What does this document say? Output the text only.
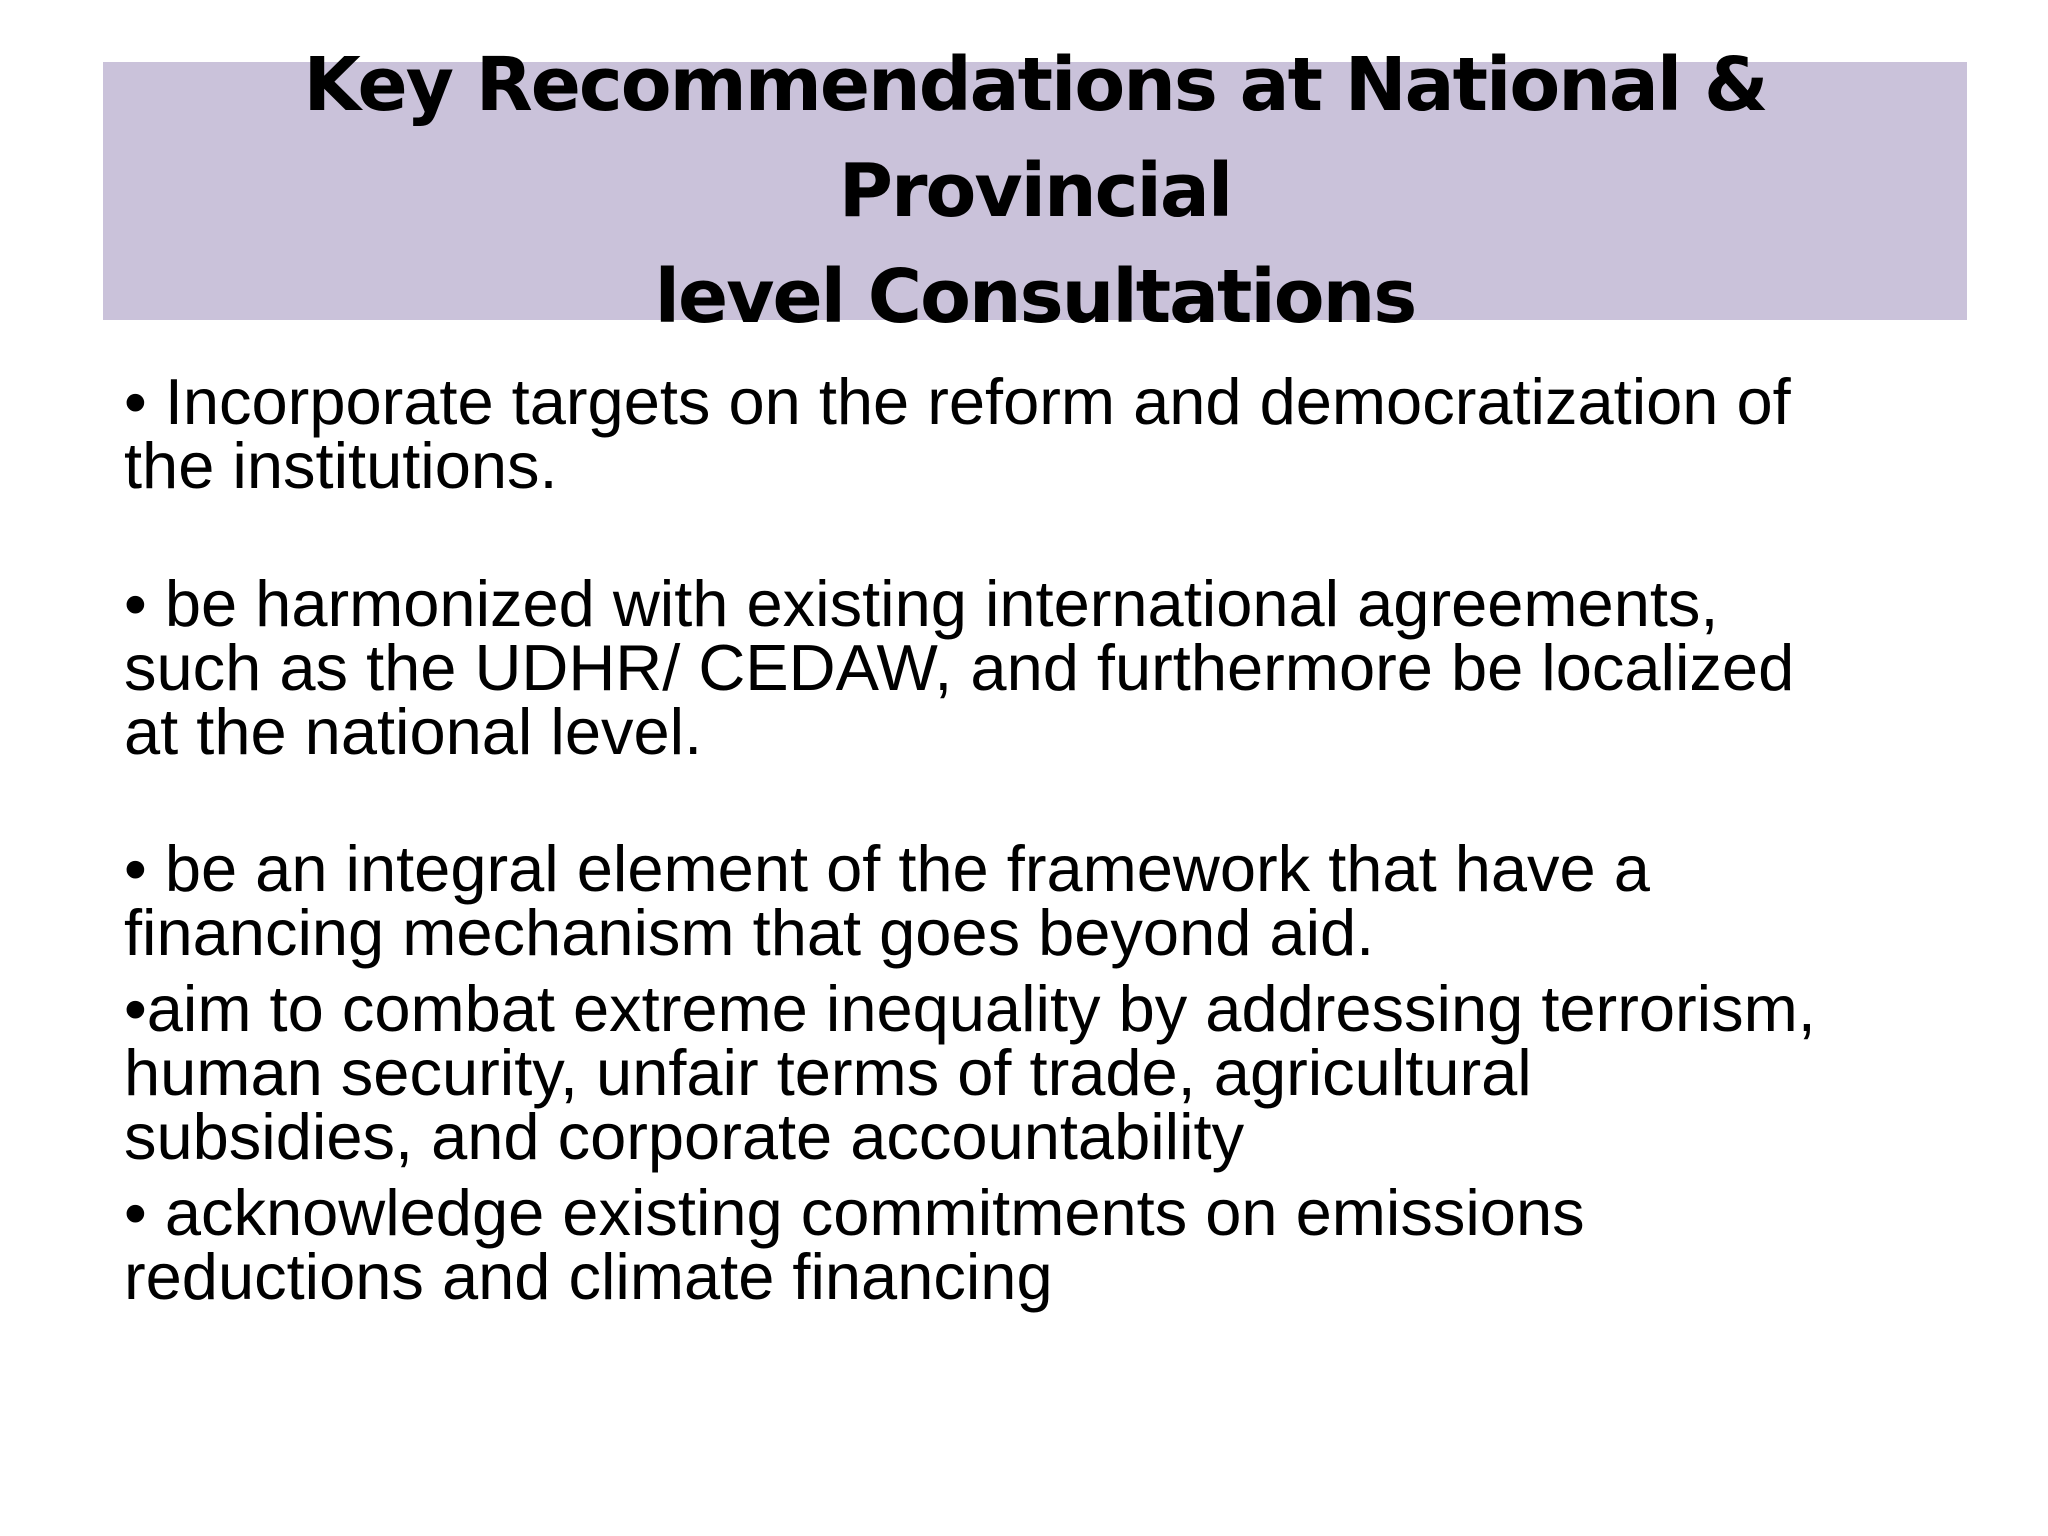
Key Recommendations at National & Provincial
level Consultations

• Incorporate targets on the reform and democratization of
the institutions.

• be harmonized with existing international agreements,
such as the UDHR/ CEDAW, and furthermore be localized
at the national level.

• be an integral element of the framework that have a
financing mechanism that goes beyond aid.

•aim to combat extreme inequality by addressing terrorism,
human security, unfair terms of trade, agricultural
subsidies, and corporate accountability

• acknowledge existing commitments on emissions
reductions and climate financing
